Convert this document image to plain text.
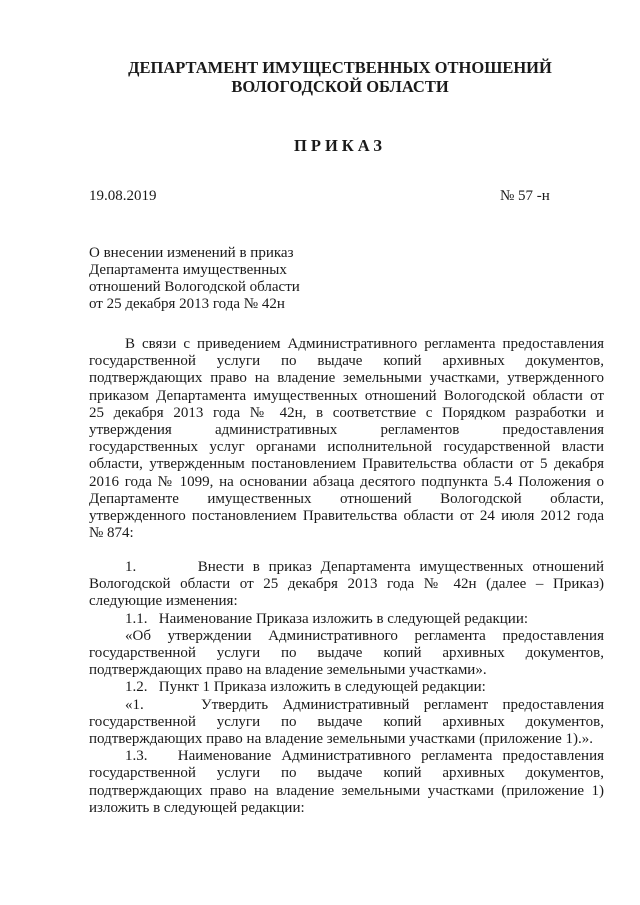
ДЕПАРТАМЕНТ ИМУЩЕСТВЕННЫХ ОТНОШЕНИЙ
ВОЛОГОДСКОЙ ОБЛАСТИ
ПРИКАЗ
19.08.2019	№ 57 -н
О внесении изменений в приказ
Департамента имущественных
отношений Вологодской области
от 25 декабря 2013 года № 42н
В связи с приведением Административного регламента предоставления
государственной услуги по выдаче копий архивных документов,
подтверждающих право на владение земельными участками, утвержденного
приказом Департамента имущественных отношений Вологодской области от
25 декабря 2013 года № 42н, в соответствие с Порядком разработки и
утверждения административных регламентов предоставления
государственных услуг органами исполнительной государственной власти
области, утвержденным постановлением Правительства области от 5 декабря
2016 года № 1099, на основании абзаца десятого подпункта 5.4 Положения о
Департаменте имущественных отношений Вологодской области,
утвержденного постановлением Правительства области от 24 июля 2012 года
№ 874:
1.       Внести в приказ Департамента имущественных отношений
Вологодской области от 25 декабря 2013 года № 42н (далее – Приказ)
следующие изменения:
1.1.   Наименование Приказа изложить в следующей редакции:
«Об утверждении Административного регламента предоставления
государственной услуги по выдаче копий архивных документов,
подтверждающих право на владение земельными участками».
1.2.   Пункт 1 Приказа изложить в следующей редакции:
«1.    Утвердить Административный регламент предоставления
государственной услуги по выдаче копий архивных документов,
подтверждающих право на владение земельными участками (приложение 1).».
1.3.   Наименование Административного регламента предоставления
государственной услуги по выдаче копий архивных документов,
подтверждающих право на владение земельными участками (приложение 1)
изложить в следующей редакции:
